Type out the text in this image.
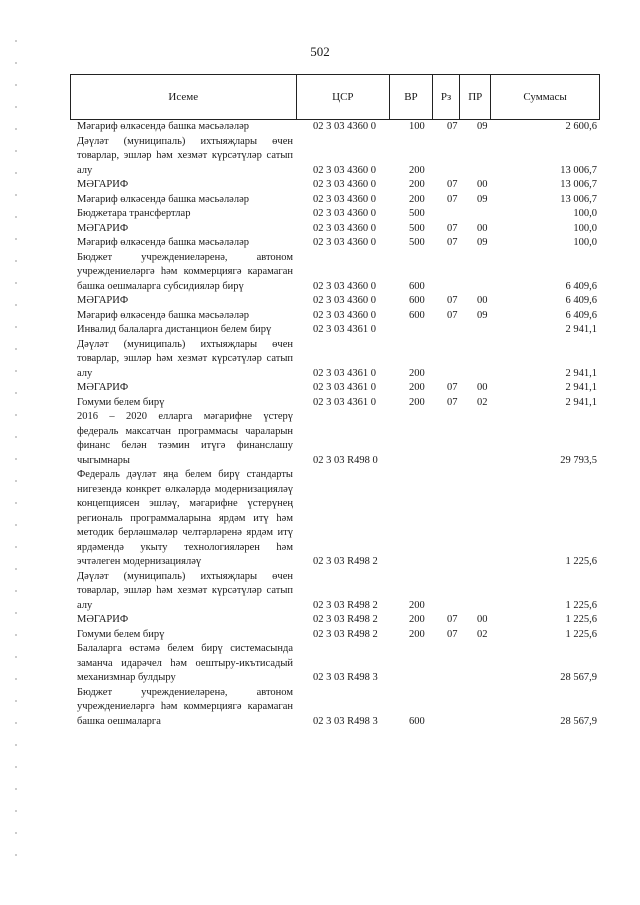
502
Исеме	ЦСР	ВР	Рз	ПР	Суммасы
Мәгариф өлкәсендә башка мәсьәләләр	02 3 03 4360 0	100 07 09	2 600,6
Дәүләт (муниципаль) ихтыяҗлары өчен товарлар, эшләр һәм хезмәт күрсәтүләр сатып алу	02 3 03 4360 0	200	13 006,7
МӘГАРИФ	02 3 03 4360 0	200 07 00	13 006,7
Мәгариф өлкәсендә башка мәсьәләләр	02 3 03 4360 0	200 07 09	13 006,7
Бюджетара трансфертлар	02 3 03 4360 0	500	100,0
МӘГАРИФ	02 3 03 4360 0	500 07 00	100,0
Мәгариф өлкәсендә башка мәсьәләләр	02 3 03 4360 0	500 07 09	100,0
Бюджет учреждениеләренә, автоном учреждениеләргә һәм коммерциягә карамаган башка оешмаларга субсидияләр бирү	02 3 03 4360 0	600	6 409,6
МӘГАРИФ	02 3 03 4360 0	600 07 00	6 409,6
Мәгариф өлкәсендә башка мәсьәләләр	02 3 03 4360 0	600 07 09	6 409,6
Инвалид балаларга дистанцион белем бирү	02 3 03 4361 0	2 941,1
Дәүләт (муниципаль) ихтыяҗлары өчен товарлар, эшләр һәм хезмәт күрсәтүләр сатып алу	02 3 03 4361 0	200	2 941,1
МӘГАРИФ	02 3 03 4361 0	200 07 00	2 941,1
Гомуми белем бирү	02 3 03 4361 0	200 07 02	2 941,1
2016 – 2020 елларга мәгарифне үстерү федераль максатчан программасы чараларын финанс белән тәэмин итүгә финанслашу чыгымнары	02 3 03 R498 0	29 793,5
Федераль дәүләт яңа белем бирү стандарты нигезендә конкрет өлкәләрдә модернизацияләү концепциясен эшләү, мәгарифне үстерүнең региональ программаларына ярдәм итү һәм методик берләшмәләр челтәрләренә ярдәм итү ярдәмендә укыту технологияләрен һәм эчтәлеген модернизацияләү	02 3 03 R498 2	1 225,6
Дәүләт (муниципаль) ихтыяҗлары өчен товарлар, эшләр һәм хезмәт күрсәтүләр сатып алу	02 3 03 R498 2	200	1 225,6
МӘГАРИФ	02 3 03 R498 2	200 07 00	1 225,6
Гомуми белем бирү	02 3 03 R498 2	200 07 02	1 225,6
Балаларга өстәмә белем бирү системасында заманча идарәчел һәм оештыру-икътисадый механизмнар булдыру	02 3 03 R498 3	28 567,9
Бюджет учреждениеләренә, автоном учреждениеләргә һәм коммерциягә карамаган башка оешмаларга	02 3 03 R498 3	600	28 567,9
